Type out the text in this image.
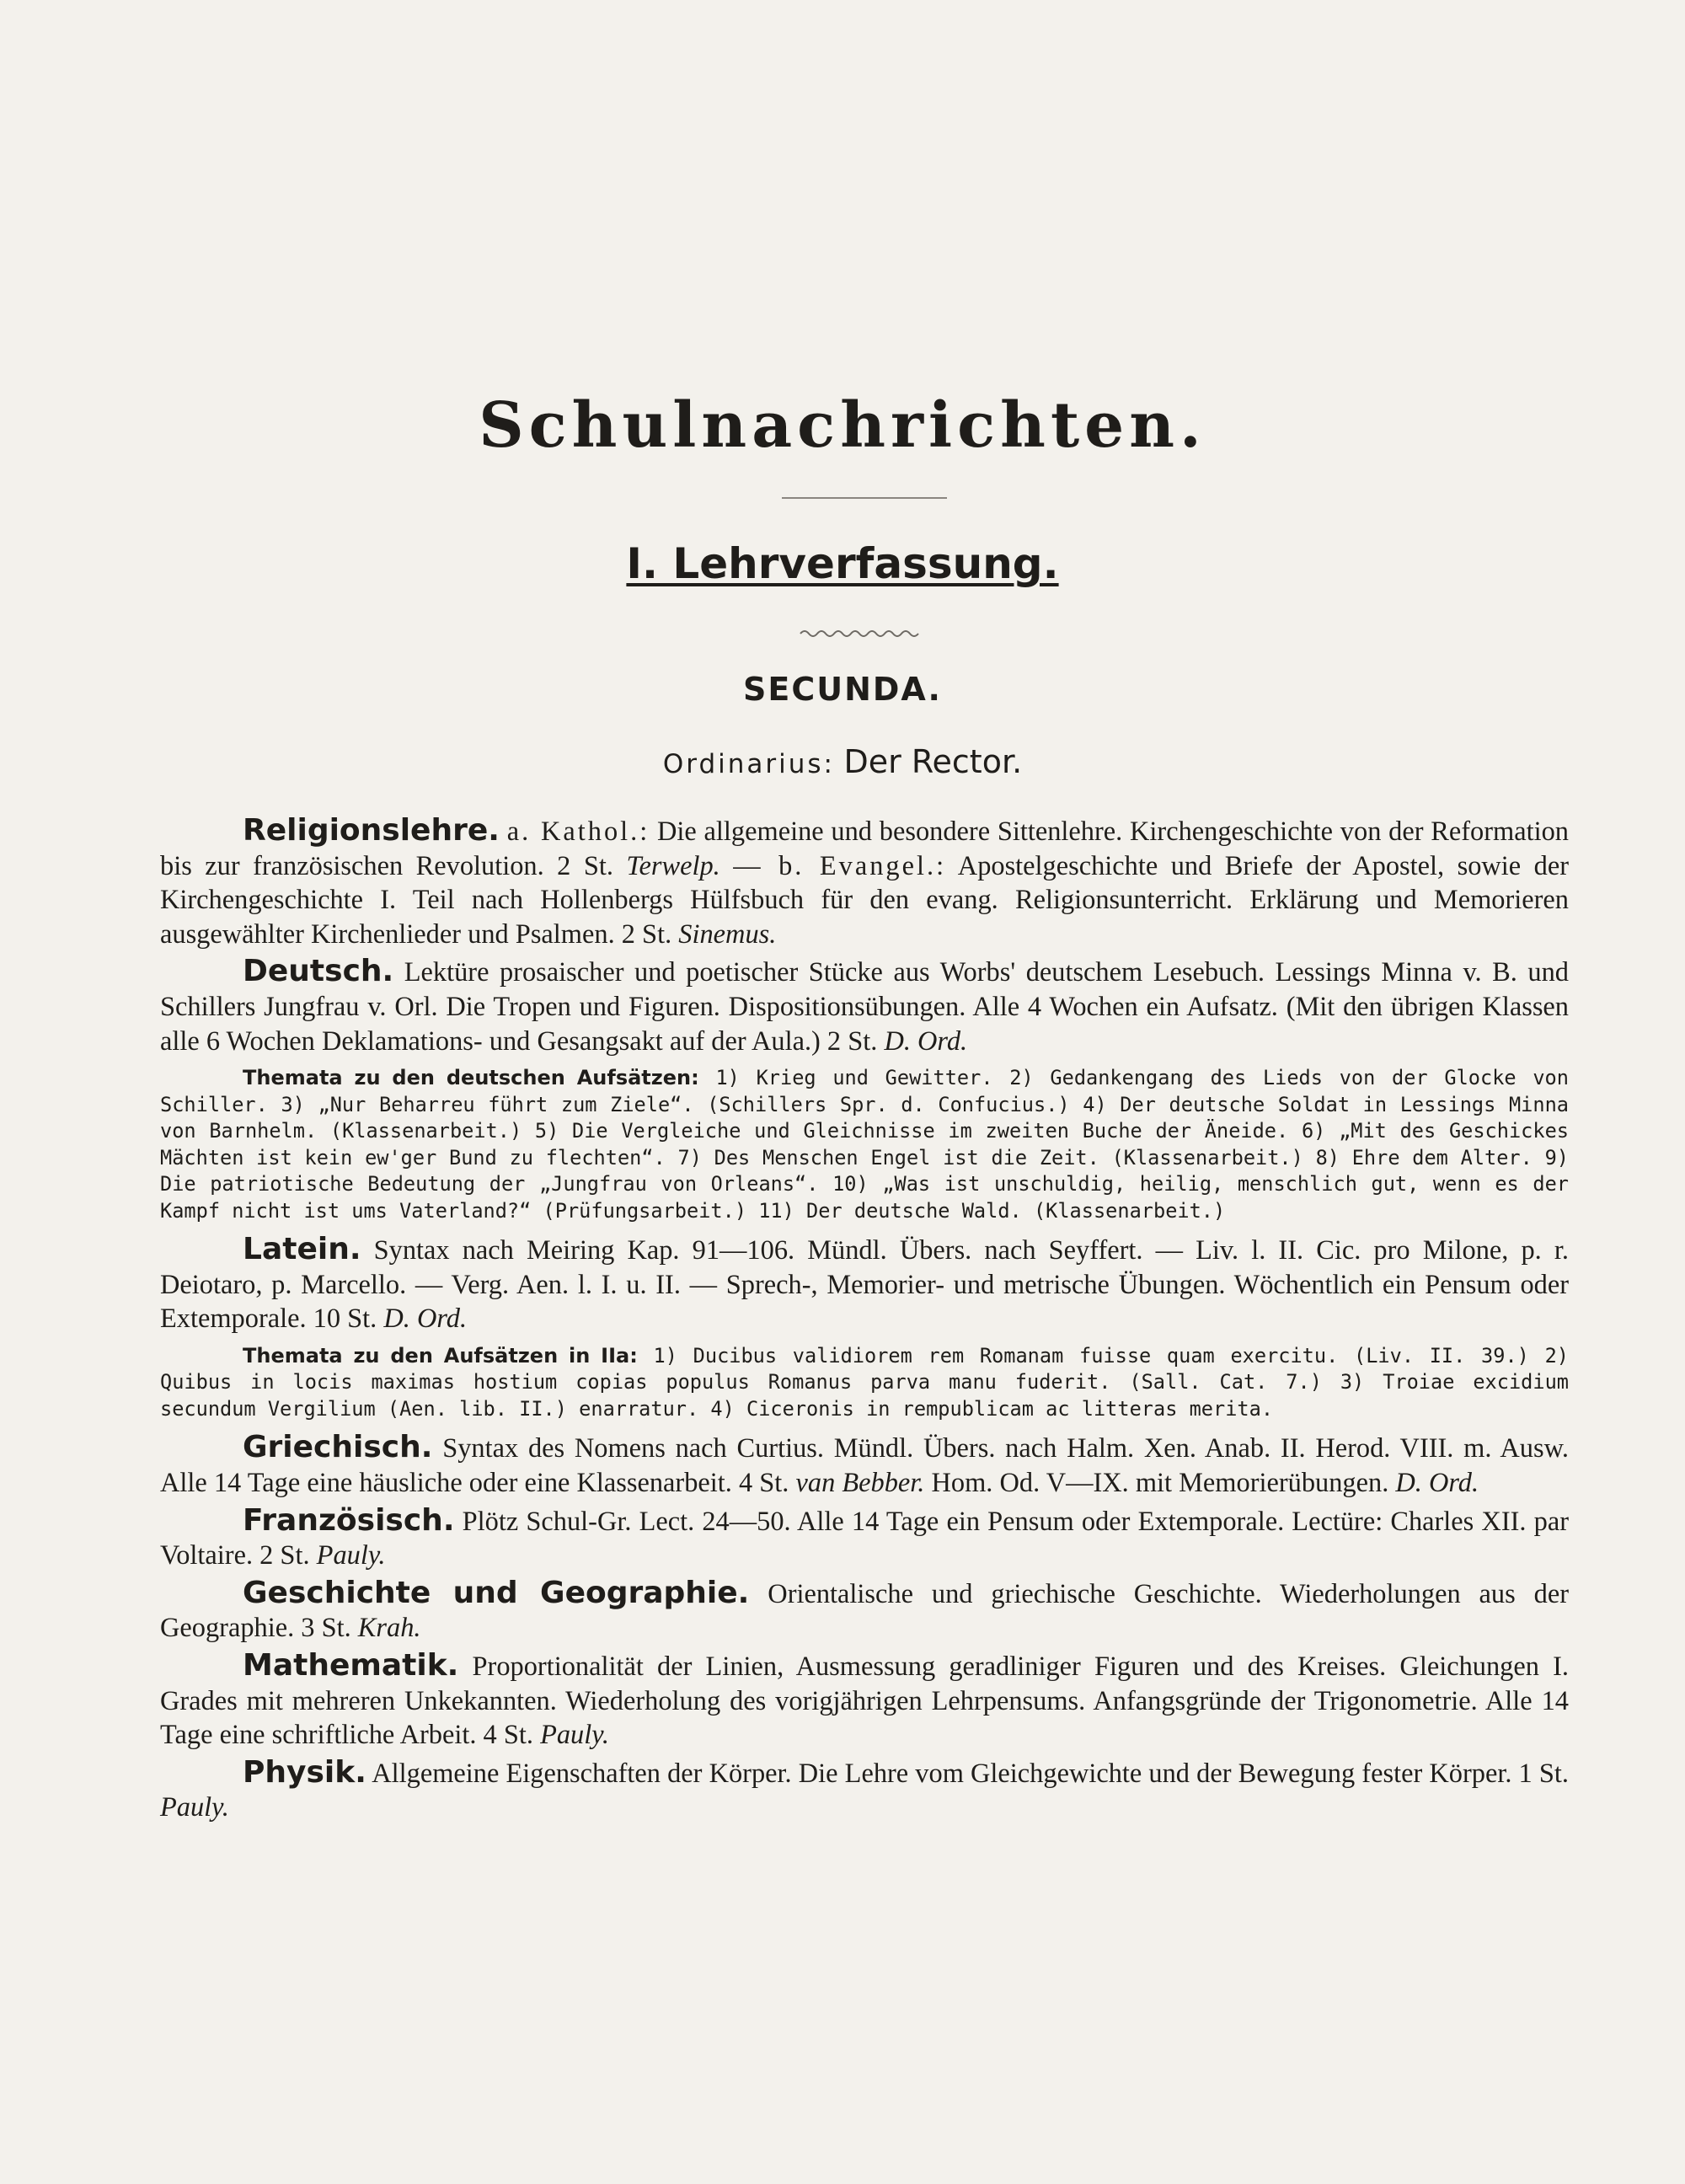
Schulnachrichten.
I. Lehrverfassung.
SECUNDA.
Ordinarius: Der Rector.

Religionslehre. a. Kathol.: Die allgemeine und besondere Sittenlehre. Kirchengeschichte von der Reformation bis zur französischen Revolution. 2 St. Terwelp. — b. Evangel.: Apostelgeschichte und Briefe der Apostel, sowie der Kirchengeschichte I. Teil nach Hollenbergs Hülfsbuch für den evang. Religionsunterricht. Erklärung und Memorieren ausgewählter Kirchenlieder und Psalmen. 2 St. Sinemus.

Deutsch. Lektüre prosaischer und poetischer Stücke aus Worbs' deutschem Lesebuch. Lessings Minna v. B. und Schillers Jungfrau v. Orl. Die Tropen und Figuren. Dispositionsübungen. Alle 4 Wochen ein Aufsatz. (Mit den übrigen Klassen alle 6 Wochen Deklamations- und Gesangsakt auf der Aula.) 2 St. D. Ord.

Themata zu den deutschen Aufsätzen: 1) Krieg und Gewitter. 2) Gedankengang des Lieds von der Glocke von Schiller. 3) „Nur Beharreu führt zum Ziele“. (Schillers Spr. d. Confucius.) 4) Der deutsche Soldat in Lessings Minna von Barnhelm. (Klassenarbeit.) 5) Die Vergleiche und Gleichnisse im zweiten Buche der Äneide. 6) „Mit des Geschickes Mächten ist kein ew'ger Bund zu flechten“. 7) Des Menschen Engel ist die Zeit. (Klassenarbeit.) 8) Ehre dem Alter. 9) Die patriotische Bedeutung der „Jungfrau von Orleans“. 10) „Was ist unschuldig, heilig, menschlich gut, wenn es der Kampf nicht ist ums Vaterland?“ (Prüfungsarbeit.) 11) Der deutsche Wald. (Klassenarbeit.)

Latein. Syntax nach Meiring Kap. 91—106. Mündl. Übers. nach Seyffert. — Liv. l. II. Cic. pro Milone, p. r. Deiotaro, p. Marcello. — Verg. Aen. l. I. u. II. — Sprech-, Memorier- und metrische Übungen. Wöchentlich ein Pensum oder Extemporale. 10 St. D. Ord.

Themata zu den Aufsätzen in IIa: 1) Ducibus validiorem rem Romanam fuisse quam exercitu. (Liv. II. 39.) 2) Quibus in locis maximas hostium copias populus Romanus parva manu fuderit. (Sall. Cat. 7.) 3) Troiae excidium secundum Vergilium (Aen. lib. II.) enarratur. 4) Ciceronis in rempublicam ac litteras merita.

Griechisch. Syntax des Nomens nach Curtius. Mündl. Übers. nach Halm. Xen. Anab. II. Herod. VIII. m. Ausw. Alle 14 Tage eine häusliche oder eine Klassenarbeit. 4 St. van Bebber. Hom. Od. V—IX. mit Memorierübungen. D. Ord.

Französisch. Plötz Schul-Gr. Lect. 24—50. Alle 14 Tage ein Pensum oder Extemporale. Lectüre: Charles XII. par Voltaire. 2 St. Pauly.

Geschichte und Geographie. Orientalische und griechische Geschichte. Wiederholungen aus der Geographie. 3 St. Krah.

Mathematik. Proportionalität der Linien, Ausmessung geradliniger Figuren und des Kreises. Gleichungen I. Grades mit mehreren Unkekannten. Wiederholung des vorigjährigen Lehrpensums. Anfangsgründe der Trigonometrie. Alle 14 Tage eine schriftliche Arbeit. 4 St. Pauly.

Physik. Allgemeine Eigenschaften der Körper. Die Lehre vom Gleichgewichte und der Bewegung fester Körper. 1 St. Pauly.
